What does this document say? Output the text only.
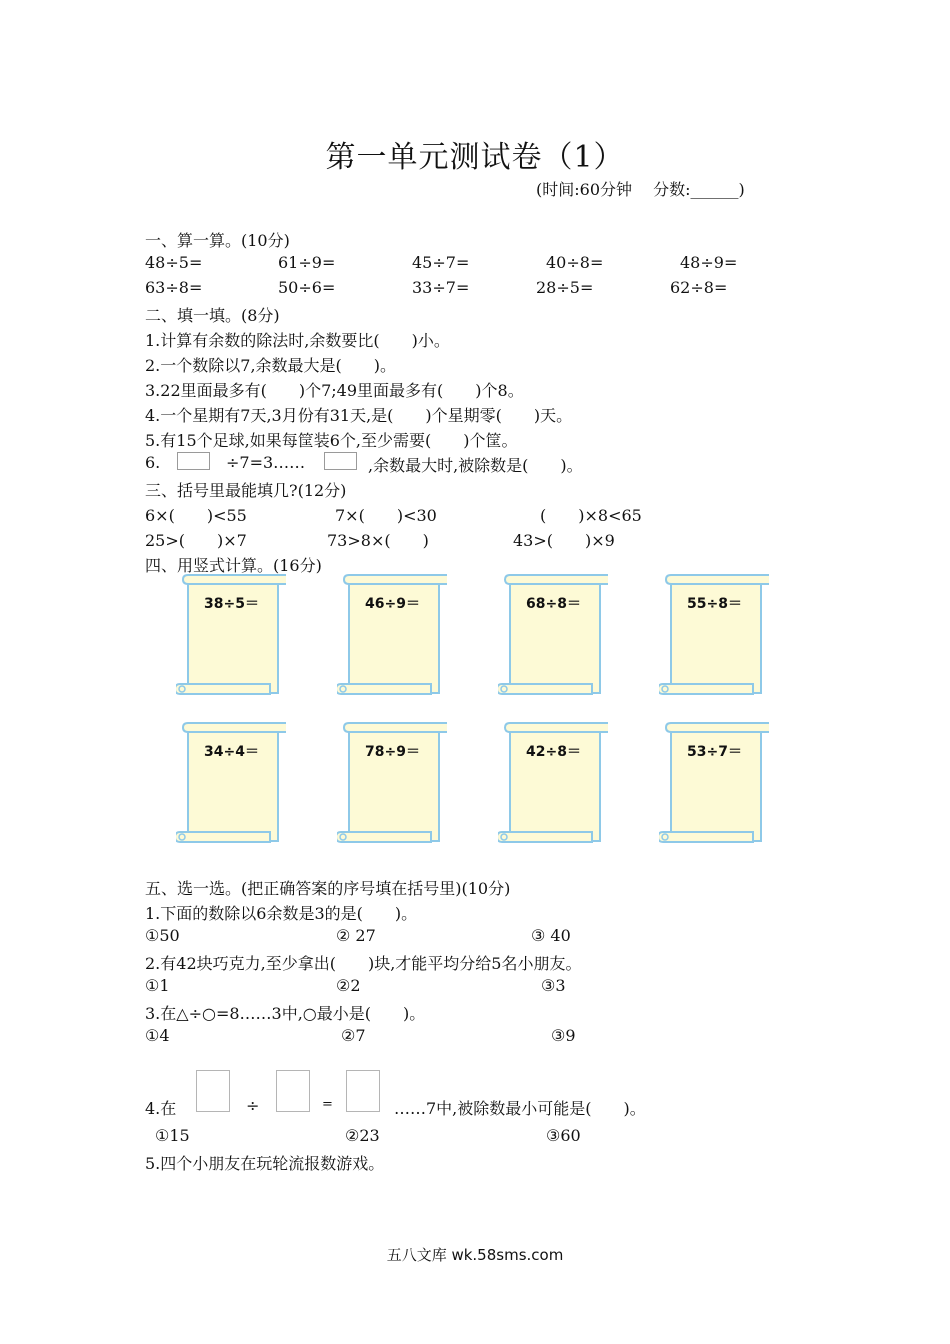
第一单元测试卷（1）
(时间:60分钟　 分数:______)
一、算一算。(10分)
48÷5=	61÷9=	45÷7=	40÷8=	48÷9=
63÷8=	50÷6=	33÷7=	28÷5=	62÷8=
二、填一填。(8分)
1.计算有余数的除法时,余数要比(　　)小。
2.一个数除以7,余数最大是(　　)。
3.22里面最多有(　　)个7;49里面最多有(　　)个8。
4.一个星期有7天,3月份有31天,是(　　)个星期零(　　)天。
5.有15个足球,如果每筐装6个,至少需要(　　)个筐。
6.	÷7=3……	,余数最大时,被除数是(　　)。
三、括号里最能填几?(12分)
6×(　　)<55	7×(　　)<30	(　　)×8<65
25>(　　)×7	73>8×(　　)	43>(　　)×9
四、用竖式计算。(16分)
38÷5＝	46÷9＝	68÷8＝	55÷8＝
34÷4＝	78÷9＝	42÷8＝	53÷7＝
五、选一选。(把正确答案的序号填在括号里)(10分)
1.下面的数除以6余数是3的是(　　)。
①50	② 27	③ 40
2.有42块巧克力,至少拿出(　　)块,才能平均分给5名小朋友。
①1	②2	③3
3.在△÷○=8……3中,○最小是(　　)。
①4	②7	③9
4.在	÷	=	……7中,被除数最小可能是(　　)。
①15	②23	③60
5.四个小朋友在玩轮流报数游戏。
五八文库 wk.58sms.com
